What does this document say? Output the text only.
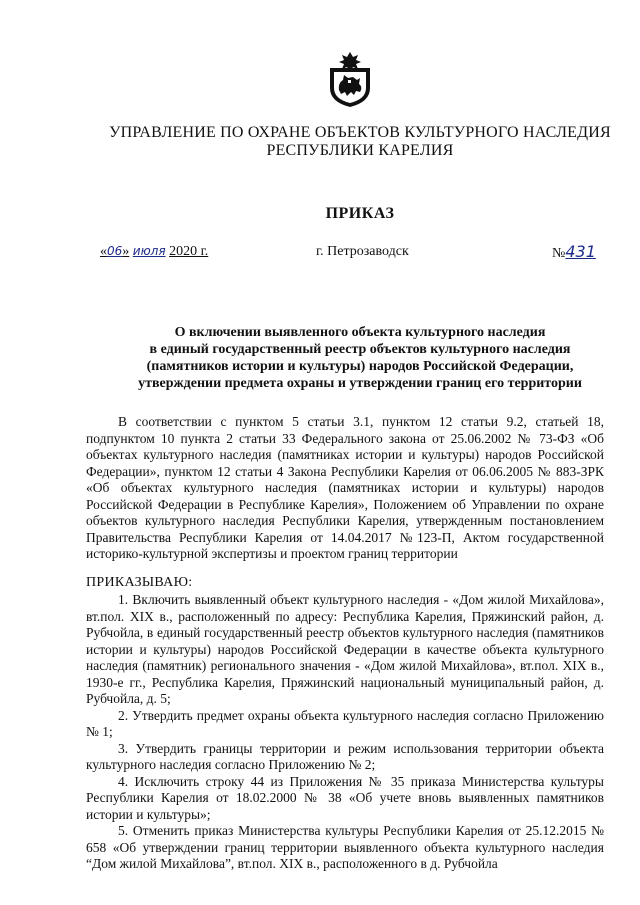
УПРАВЛЕНИЕ ПО ОХРАНЕ ОБЪЕКТОВ КУЛЬТУРНОГО НАСЛЕДИЯ
РЕСПУБЛИКИ КАРЕЛИЯ
ПРИКАЗ
«06» июля 2020 г.	г. Петрозаводск	№431
О включении выявленного объекта культурного наследия
в единый государственный реестр объектов культурного наследия
(памятников истории и культуры) народов Российской Федерации,
утверждении предмета охраны и утверждении границ его территории

В соответствии с пунктом 5 статьи 3.1, пунктом 12 статьи 9.2, статьей 18, подпунктом 10 пункта 2 статьи 33 Федерального закона от 25.06.2002 № 73-ФЗ «Об объектах культурного наследия (памятниках истории и культуры) народов Российской Федерации», пунктом 12 статьи 4 Закона Республики Карелия от 06.06.2005 № 883-ЗРК «Об объектах культурного наследия (памятниках истории и культуры) народов Российской Федерации в Республике Карелия», Положением об Управлении по охране объектов культурного наследия Республики Карелия, утвержденным постановлением Правительства Республики Карелия от 14.04.2017 №123-П, Актом государственной историко-культурной экспертизы и проектом границ территории

ПРИКАЗЫВАЮ:

1. Включить выявленный объект культурного наследия - «Дом жилой Михайлова», вт.пол. XIX в., расположенный по адресу: Республика Карелия, Пряжинский район, д. Рубчойла, в единый государственный реестр объектов культурного наследия (памятников истории и культуры) народов Российской Федерации в качестве объекта культурного наследия (памятник) регионального значения - «Дом жилой Михайлова», вт.пол. XIX в., 1930-е гг., Республика Карелия, Пряжинский национальный муниципальный район, д. Рубчойла, д. 5;

2. Утвердить предмет охраны объекта культурного наследия согласно Приложению № 1;

3. Утвердить границы территории и режим использования территории объекта культурного наследия согласно Приложению № 2;

4. Исключить строку 44 из Приложения № 35 приказа Министерства культуры Республики Карелия от 18.02.2000 № 38 «Об учете вновь выявленных памятников истории и культуры»;

5. Отменить приказ Министерства культуры Республики Карелия от 25.12.2015 № 658 «Об утверждении границ территории выявленного объекта культурного наследия “Дом жилой Михайлова”, вт.пол. XIX в., расположенного в д. Рубчойла
